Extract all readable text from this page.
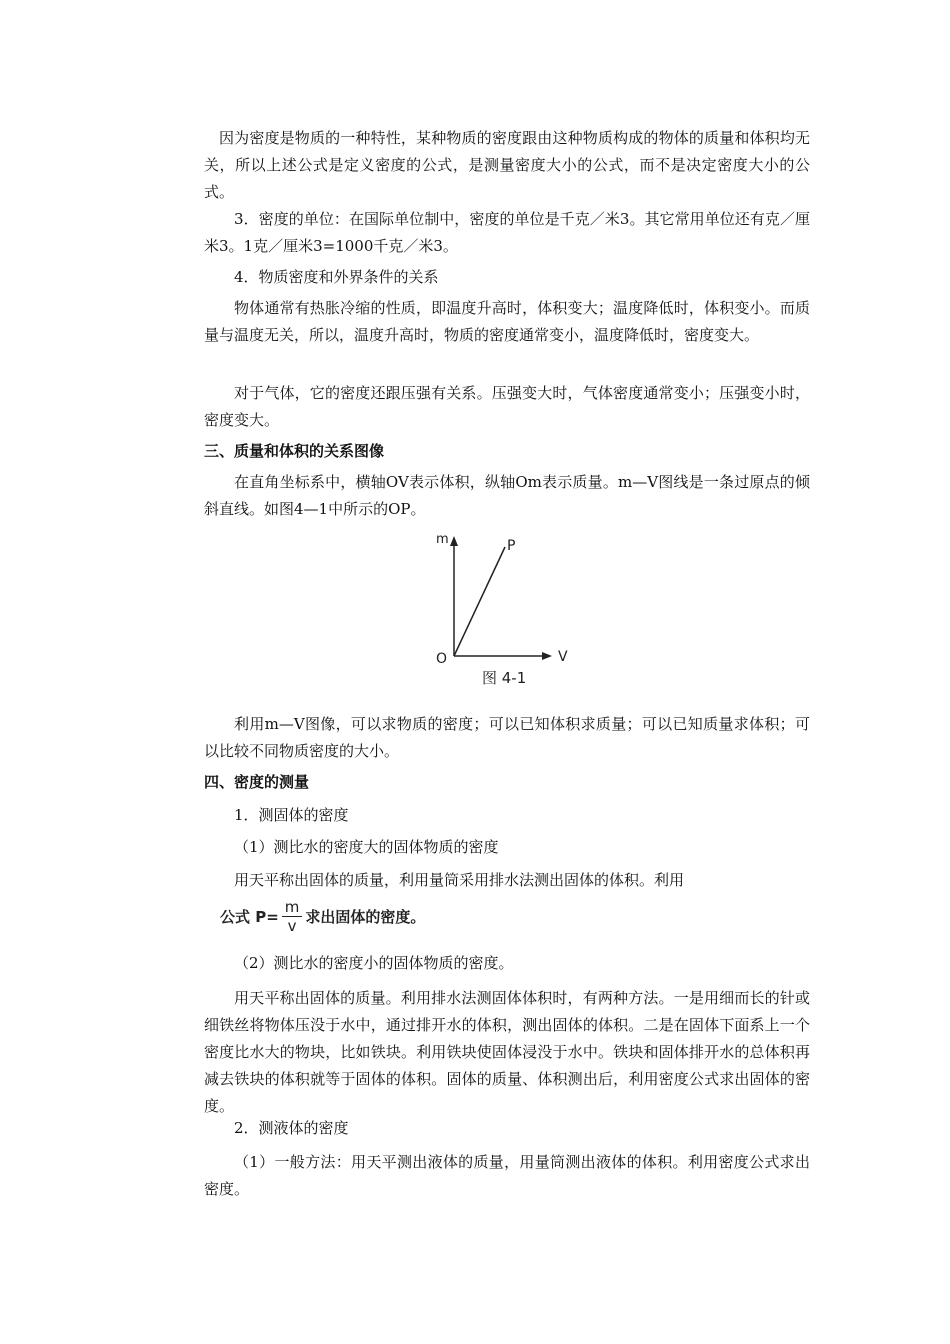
因为密度是物质的一种特性，某种物质的密度跟由这种物质构成的物体的质量和体积均无关，所以上述公式是定义密度的公式，是测量密度大小的公式，而不是决定密度大小的公式。

3．密度的单位：在国际单位制中，密度的单位是千克／米3。其它常用单位还有克／厘米3。1克／厘米3=1000千克／米3。

4．物质密度和外界条件的关系

物体通常有热胀冷缩的性质，即温度升高时，体积变大；温度降低时，体积变小。而质量与温度无关，所以，温度升高时，物质的密度通常变小，温度降低时，密度变大。

对于气体，它的密度还跟压强有关系。压强变大时，气体密度通常变小；压强变小时，密度变大。

三、质量和体积的关系图像

在直角坐标系中，横轴OV表示体积，纵轴Om表示质量。m—V图线是一条过原点的倾斜直线。如图4—1中所示的OP。

m
V
O
P
图 4-1

利用m—V图像，可以求物质的密度；可以已知体积求质量；可以已知质量求体积；可以比较不同物质密度的大小。

四、密度的测量

1．测固体的密度

（1）测比水的密度大的固体物质的密度

用天平称出固体的质量，利用量筒采用排水法测出固体的体积。利用

公式 $P= \frac{m}{v}$ 求出固体的密度。

（2）测比水的密度小的固体物质的密度。

用天平称出固体的质量。利用排水法测固体体积时，有两种方法。一是用细而长的针或细铁丝将物体压没于水中，通过排开水的体积，测出固体的体积。二是在固体下面系上一个密度比水大的物块，比如铁块。利用铁块使固体浸没于水中。铁块和固体排开水的总体积再减去铁块的体积就等于固体的体积。固体的质量、体积测出后，利用密度公式求出固体的密度。

2．测液体的密度

（1）一般方法：用天平测出液体的质量，用量筒测出液体的体积。利用密度公式求出密度。
